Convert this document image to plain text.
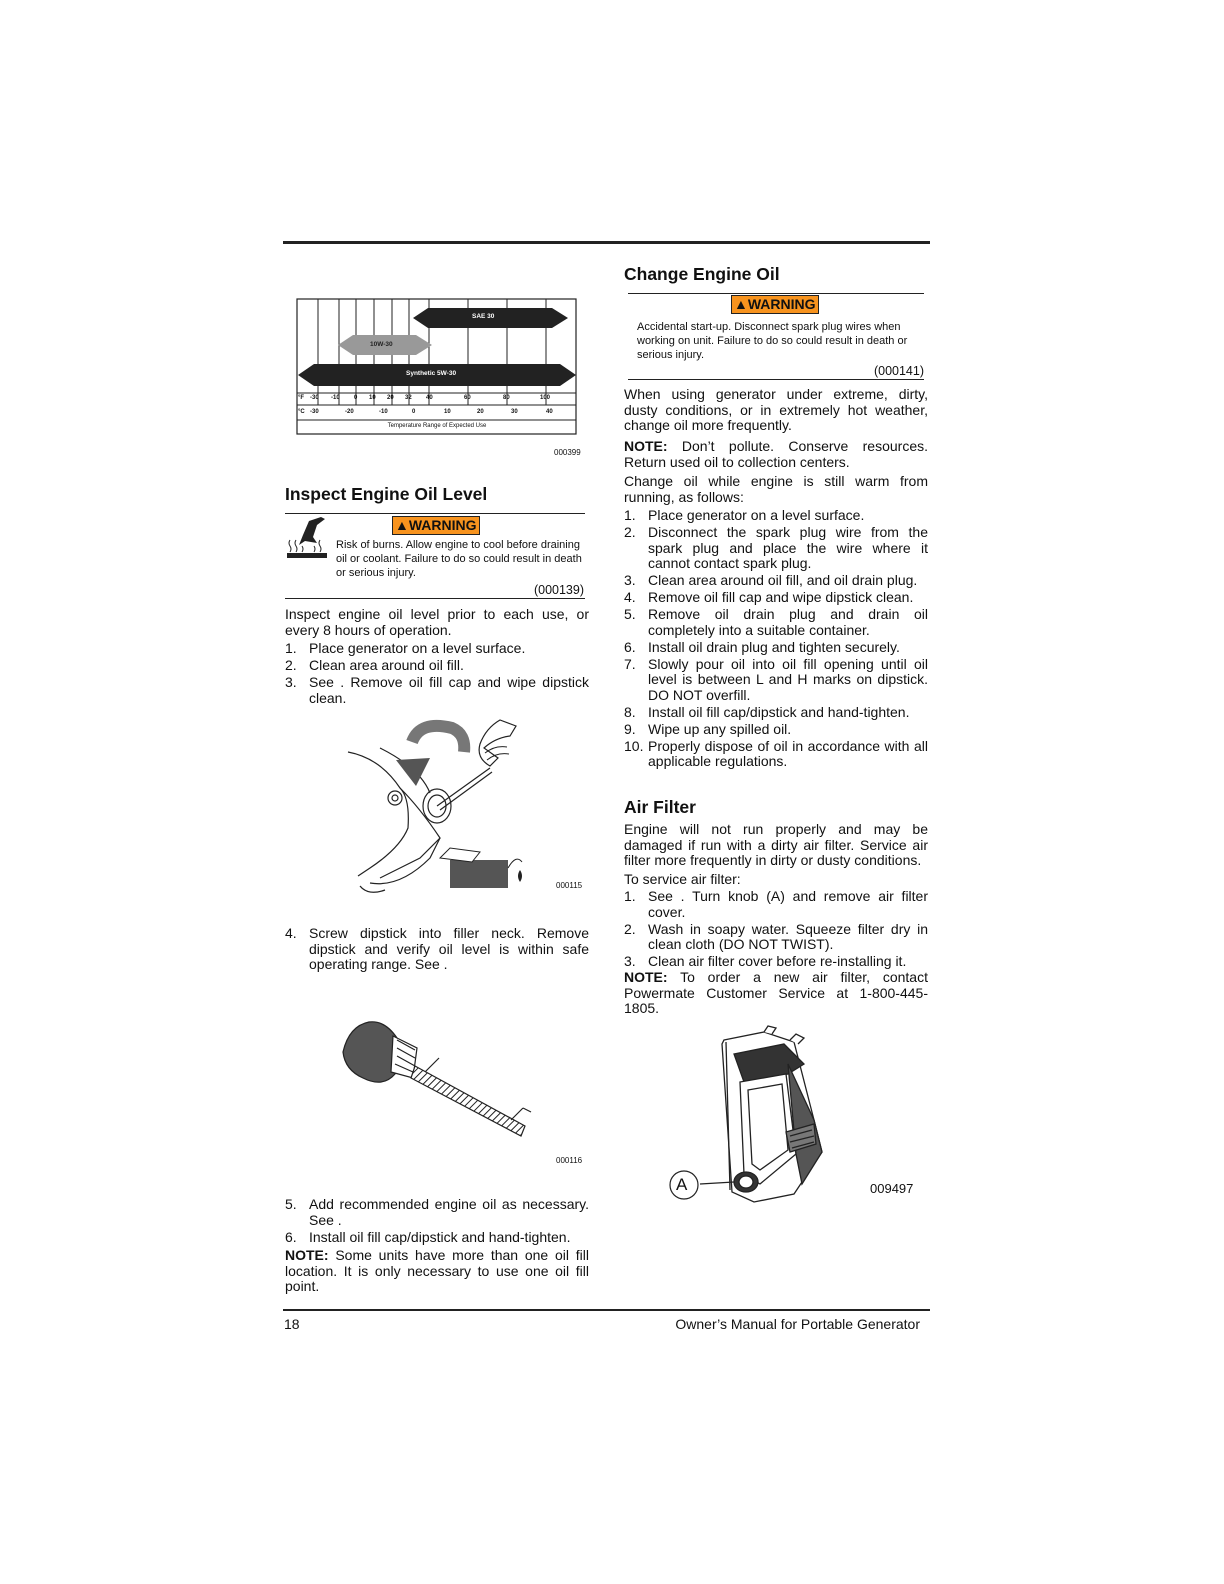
SAE 30
10W-30
Synthetic 5W-30
°F -30 -10 0 10 20 32 40	60	80	100
°C -30	-20	-10	0	10	20	30	40
Temperature Range of Expected Use
000399
Inspect Engine Oil Level
▲WARNING

Risk of burns. Allow engine to cool before draining oil or coolant. Failure to do so could result in death or serious injury.

(000139)

Inspect engine oil level prior to each use, or every 8 hours of operation.

1. Place generator on a level surface.
2. Clean area around oil fill.
3. See . Remove oil fill cap and wipe dipstick clean.
000115
4. Screw dipstick into filler neck. Remove dipstick and verify oil level is within safe operating range. See .
000116
5. Add recommended engine oil as necessary. See .
6. Install oil fill cap/dipstick and hand-tighten.

NOTE: Some units have more than one oil fill location. It is only necessary to use one oil fill point.

Change Engine Oil
▲WARNING

Accidental start-up. Disconnect spark plug wires when working on unit. Failure to do so could result in death or serious injury.

(000141)

When using generator under extreme, dirty, dusty conditions, or in extremely hot weather, change oil more frequently.

NOTE: Don’t pollute. Conserve resources. Return used oil to collection centers.

Change oil while engine is still warm from running, as follows:

1. Place generator on a level surface.
2. Disconnect the spark plug wire from the spark plug and place the wire where it cannot contact spark plug.
3. Clean area around oil fill, and oil drain plug.
4. Remove oil fill cap and wipe dipstick clean.
5. Remove oil drain plug and drain oil completely into a suitable container.
6. Install oil drain plug and tighten securely.
7. Slowly pour oil into oil fill opening until oil level is between L and H marks on dipstick. DO NOT overfill.
8. Install oil fill cap/dipstick and hand-tighten.
9. Wipe up any spilled oil.
10. Properly dispose of oil in accordance with all applicable regulations.
Air Filter

Engine will not run properly and may be damaged if run with a dirty air filter. Service air filter more frequently in dirty or dusty conditions.

To service air filter:

1. See . Turn knob (A) and remove air filter cover.
2. Wash in soapy water. Squeeze filter dry in clean cloth (DO NOT TWIST).
3. Clean air filter cover before re-installing it.

NOTE: To order a new air filter, contact Powermate Customer Service at 1-800-445-1805.

A	009497
18	Owner’s Manual for Portable Generator
